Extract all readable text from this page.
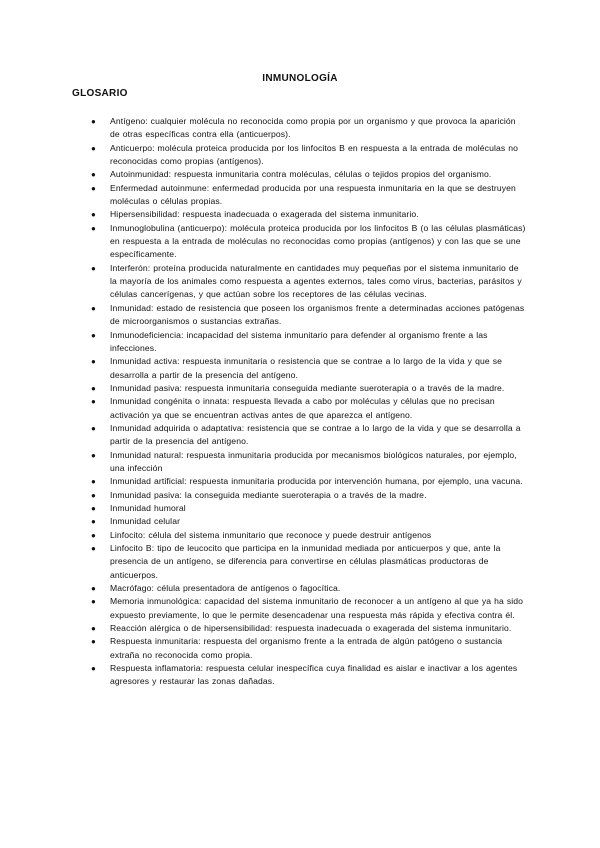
INMUNOLOGÍA
GLOSARIO
● Antígeno: cualquier molécula no reconocida como propia por un organismo y que provoca la aparición de otras específicas contra ella (anticuerpos).
● Anticuerpo: molécula proteica producida por los linfocitos B en respuesta a la entrada de moléculas no reconocidas como propias (antígenos).
● Autoinmunidad: respuesta inmunitaria contra moléculas, células o tejidos propios del organismo.
● Enfermedad autoinmune: enfermedad producida por una respuesta inmunitaria en la que se destruyen moléculas o células propias.
● Hipersensibilidad: respuesta inadecuada o exagerada del sistema inmunitario.
● Inmunoglobulina (anticuerpo): molécula proteica producida por los linfocitos B (o las células plasmáticas) en respuesta a la entrada de moléculas no reconocidas como propias (antígenos) y con las que se une específicamente.
● Interferón: proteína producida naturalmente en cantidades muy pequeñas por el sistema inmunitario de la mayoría de los animales como respuesta a agentes externos, tales como virus, bacterias, parásitos y células cancerígenas, y que actúan sobre los receptores de las células vecinas.
● Inmunidad: estado de resistencia que poseen los organismos frente a determinadas acciones patógenas de microorganismos o sustancias extrañas.
● Inmunodeficiencia: incapacidad del sistema inmunitario para defender al organismo frente a las infecciones.
● Inmunidad activa: respuesta inmunitaria o resistencia que se contrae a lo largo de la vida y que se desarrolla a partir de la presencia del antígeno.
● Inmunidad pasiva: respuesta inmunitaria conseguida mediante sueroterapia o a través de la madre.
● Inmunidad congénita o innata: respuesta llevada a cabo por moléculas y células que no precisan activación ya que se encuentran activas antes de que aparezca el antígeno.
● Inmunidad adquirida o adaptativa: resistencia que se contrae a lo largo de la vida y que se desarrolla a partir de la presencia del antígeno.
● Inmunidad natural: respuesta inmunitaria producida por mecanismos biológicos naturales, por ejemplo, una infección
● Inmunidad artificial: respuesta inmunitaria producida por intervención humana, por ejemplo, una vacuna.
● Inmunidad pasiva: la conseguida mediante sueroterapia o a través de la madre.
● Inmunidad humoral
● Inmunidad celular
● Linfocito: célula del sistema inmunitario que reconoce y puede destruir antígenos
● Linfocito B: tipo de leucocito que participa en la inmunidad mediada por anticuerpos y que, ante la presencia de un antígeno, se diferencia para convertirse en células plasmáticas productoras de anticuerpos.
● Macrófago: célula presentadora de antígenos o fagocítica.
● Memoria inmunológica: capacidad del sistema inmunitario de reconocer a un antígeno al que ya ha sido expuesto previamente, lo que le permite desencadenar una respuesta más rápida y efectiva contra él.
● Reacción alérgica o de hipersensibilidad: respuesta inadecuada o exagerada del sistema inmunitario.
● Respuesta inmunitaria: respuesta del organismo frente a la entrada de algún patógeno o sustancia extraña no reconocida como propia.
● Respuesta inflamatoria: respuesta celular inespecífica cuya finalidad es aislar e inactivar a los agentes agresores y restaurar las zonas dañadas.
